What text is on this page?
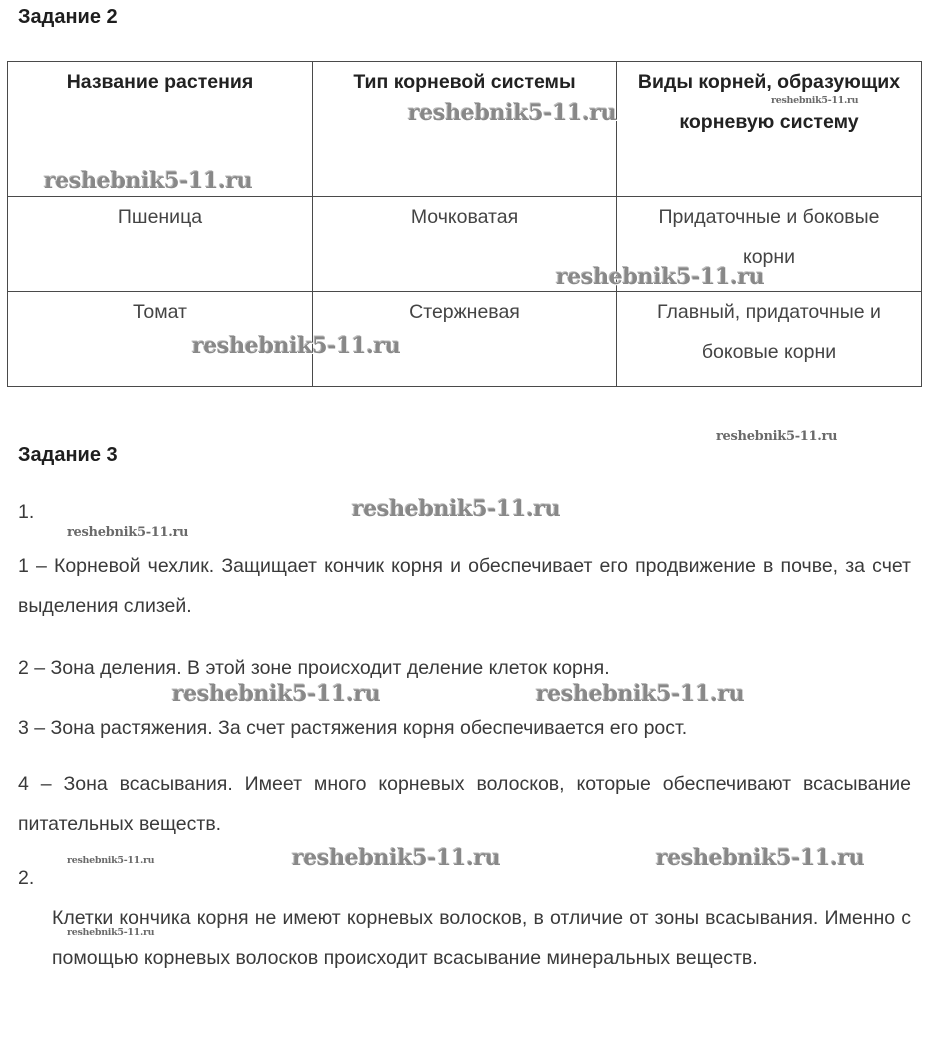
Задание 2
Название растения	Тип корневой системы	Виды корней, образующих корневую систему
Пшеница	Мочковатая	Придаточные и боковые корни
Томат	Стержневая	Главный, придаточные и боковые корни
Задание 3

1.

1 – Корневой чехлик. Защищает кончик корня и обеспечивает его продвижение в почве, за счет выделения слизей.

2 – Зона деления. В этой зоне происходит деление клеток корня.

3 – Зона растяжения. За счет растяжения корня обеспечивается его рост.

4 – Зона всасывания. Имеет много корневых волосков, которые обеспечивают всасывание питательных веществ.

2.

Клетки кончика корня не имеют корневых волосков, в отличие от зоны всасывания. Именно с помощью корневых волосков происходит всасывание минеральных веществ.

reshebnik5-11.ru	reshebnik5-11.ru
reshebnik5-11.ru
reshebnik5-11.ru
reshebnik5-11.ru
reshebnik5-11.ru
reshebnik5-11.ru
reshebnik5-11.ru
reshebnik5-11.ru	reshebnik5-11.ru
reshebnik5-11.ru	reshebnik5-11.ru	reshebnik5-11.ru
reshebnik5-11.ru
